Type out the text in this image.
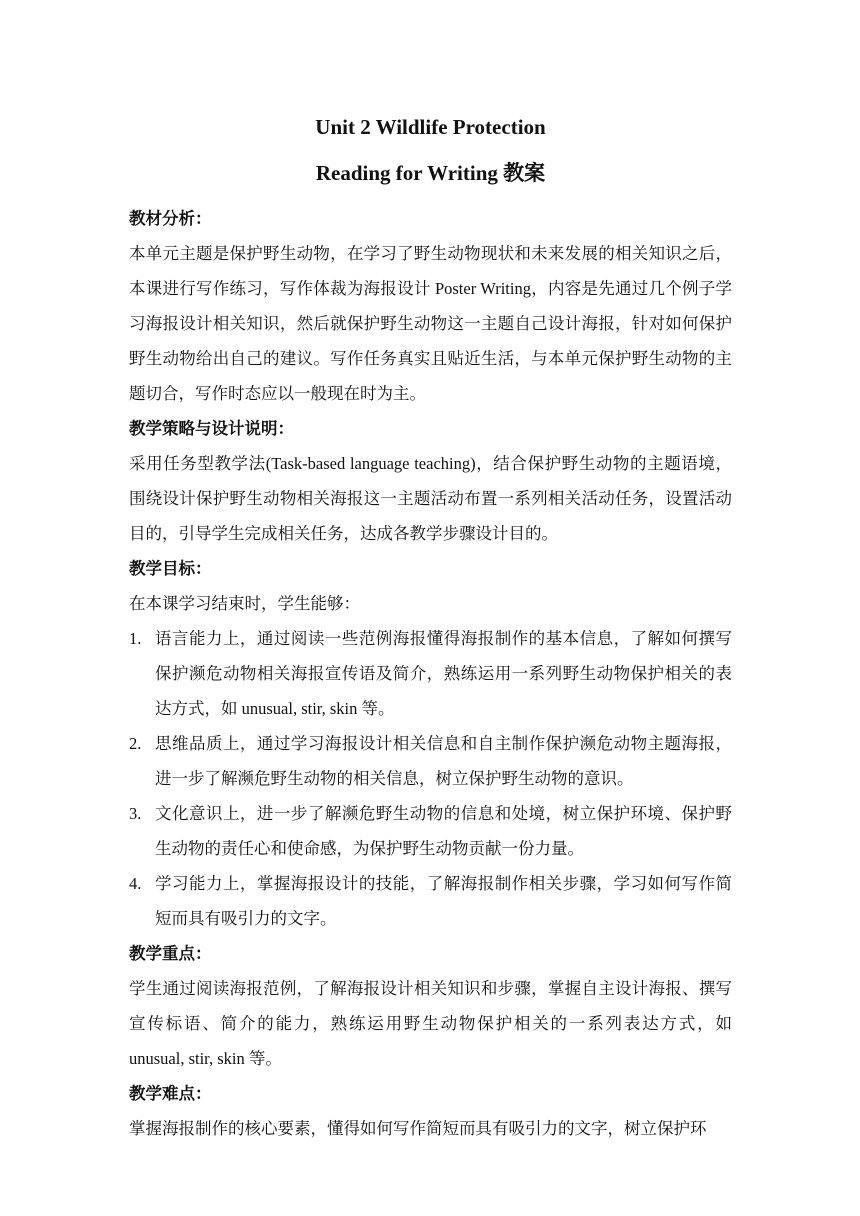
Unit 2 Wildlife Protection
Reading for Writing 教案

教材分析：

本单元主题是保护野生动物，在学习了野生动物现状和未来发展的相关知识之后，本课进行写作练习，写作体裁为海报设计 Poster Writing，内容是先通过几个例子学习海报设计相关知识，然后就保护野生动物这一主题自己设计海报，针对如何保护野生动物给出自己的建议。写作任务真实且贴近生活，与本单元保护野生动物的主题切合，写作时态应以一般现在时为主。

教学策略与设计说明：

采用任务型教学法(Task-based language teaching)，结合保护野生动物的主题语境，围绕设计保护野生动物相关海报这一主题活动布置一系列相关活动任务，设置活动目的，引导学生完成相关任务，达成各教学步骤设计目的。

教学目标：

在本课学习结束时，学生能够：

1. 语言能力上，通过阅读一些范例海报懂得海报制作的基本信息，了解如何撰写保护濒危动物相关海报宣传语及简介，熟练运用一系列野生动物保护相关的表达方式，如 unusual, stir, skin 等。
2. 思维品质上，通过学习海报设计相关信息和自主制作保护濒危动物主题海报，进一步了解濒危野生动物的相关信息，树立保护野生动物的意识。
3. 文化意识上，进一步了解濒危野生动物的信息和处境，树立保护环境、保护野生动物的责任心和使命感，为保护野生动物贡献一份力量。
4. 学习能力上，掌握海报设计的技能，了解海报制作相关步骤，学习如何写作简短而具有吸引力的文字。

教学重点：

学生通过阅读海报范例，了解海报设计相关知识和步骤，掌握自主设计海报、撰写宣传标语、简介的能力，熟练运用野生动物保护相关的一系列表达方式，如 unusual, stir, skin 等。

教学难点：

掌握海报制作的核心要素，懂得如何写作简短而具有吸引力的文字，树立保护环
